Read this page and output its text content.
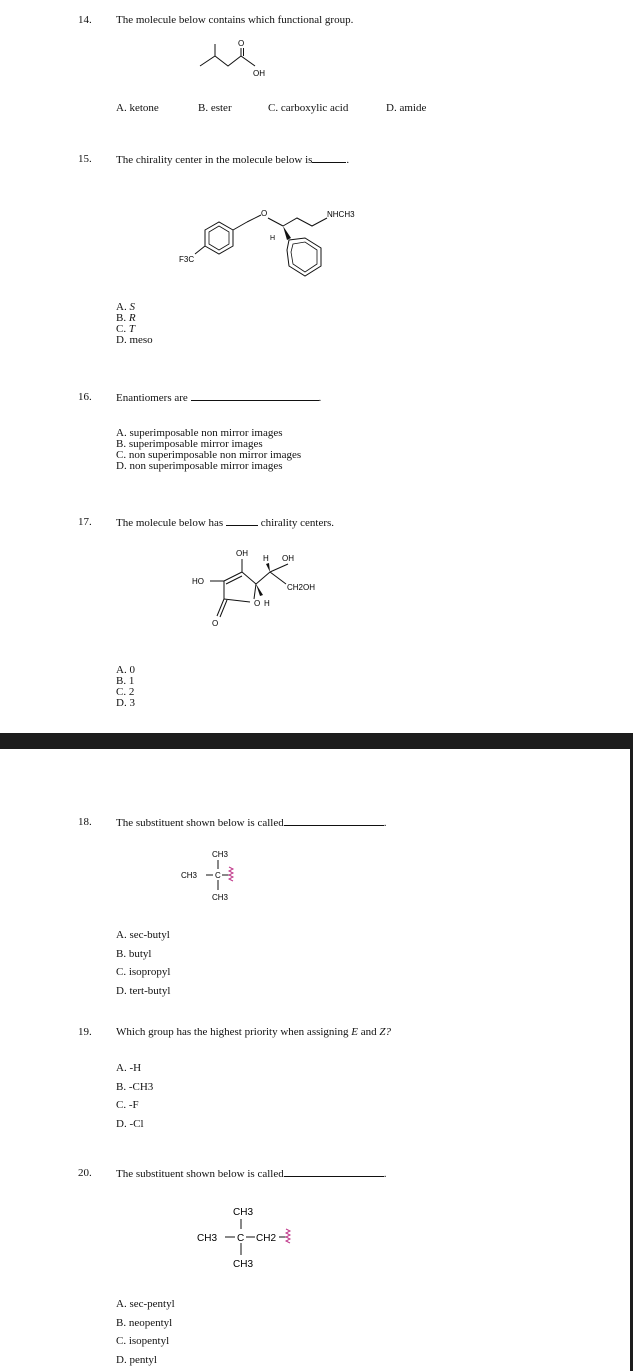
14. The molecule below contains which functional group.
O
OH
A. ketone	B. ester	C. carboxylic acid	D. amide
15. The chirality center in the molecule below is	.
O	NHCH3
H
F3C
A. S
B. R
C. T
D. meso
16. Enantiomers are	.
A. superimposable non mirror images
B. superimposable mirror images
C. non superimposable non mirror images
D. non superimposable mirror images
17. The molecule below has	chirality centers.
OH
H OH
HO
CH2OH
O H
O
A. 0
B. 1
C. 2
D. 3
18. The substituent shown below is called	.
CH3
CH3 C
CH3
A. sec-butyl
B. butyl
C. isopropyl
D. tert-butyl
19. Which group has the highest priority when assigning E and Z?
A. -H
B. -CH3
C. -F
D. -Cl
20. The substituent shown below is called	.
CH3
CH3 C CH2
CH3
A. sec-pentyl
B. neopentyl
C. isopentyl
D. pentyl
